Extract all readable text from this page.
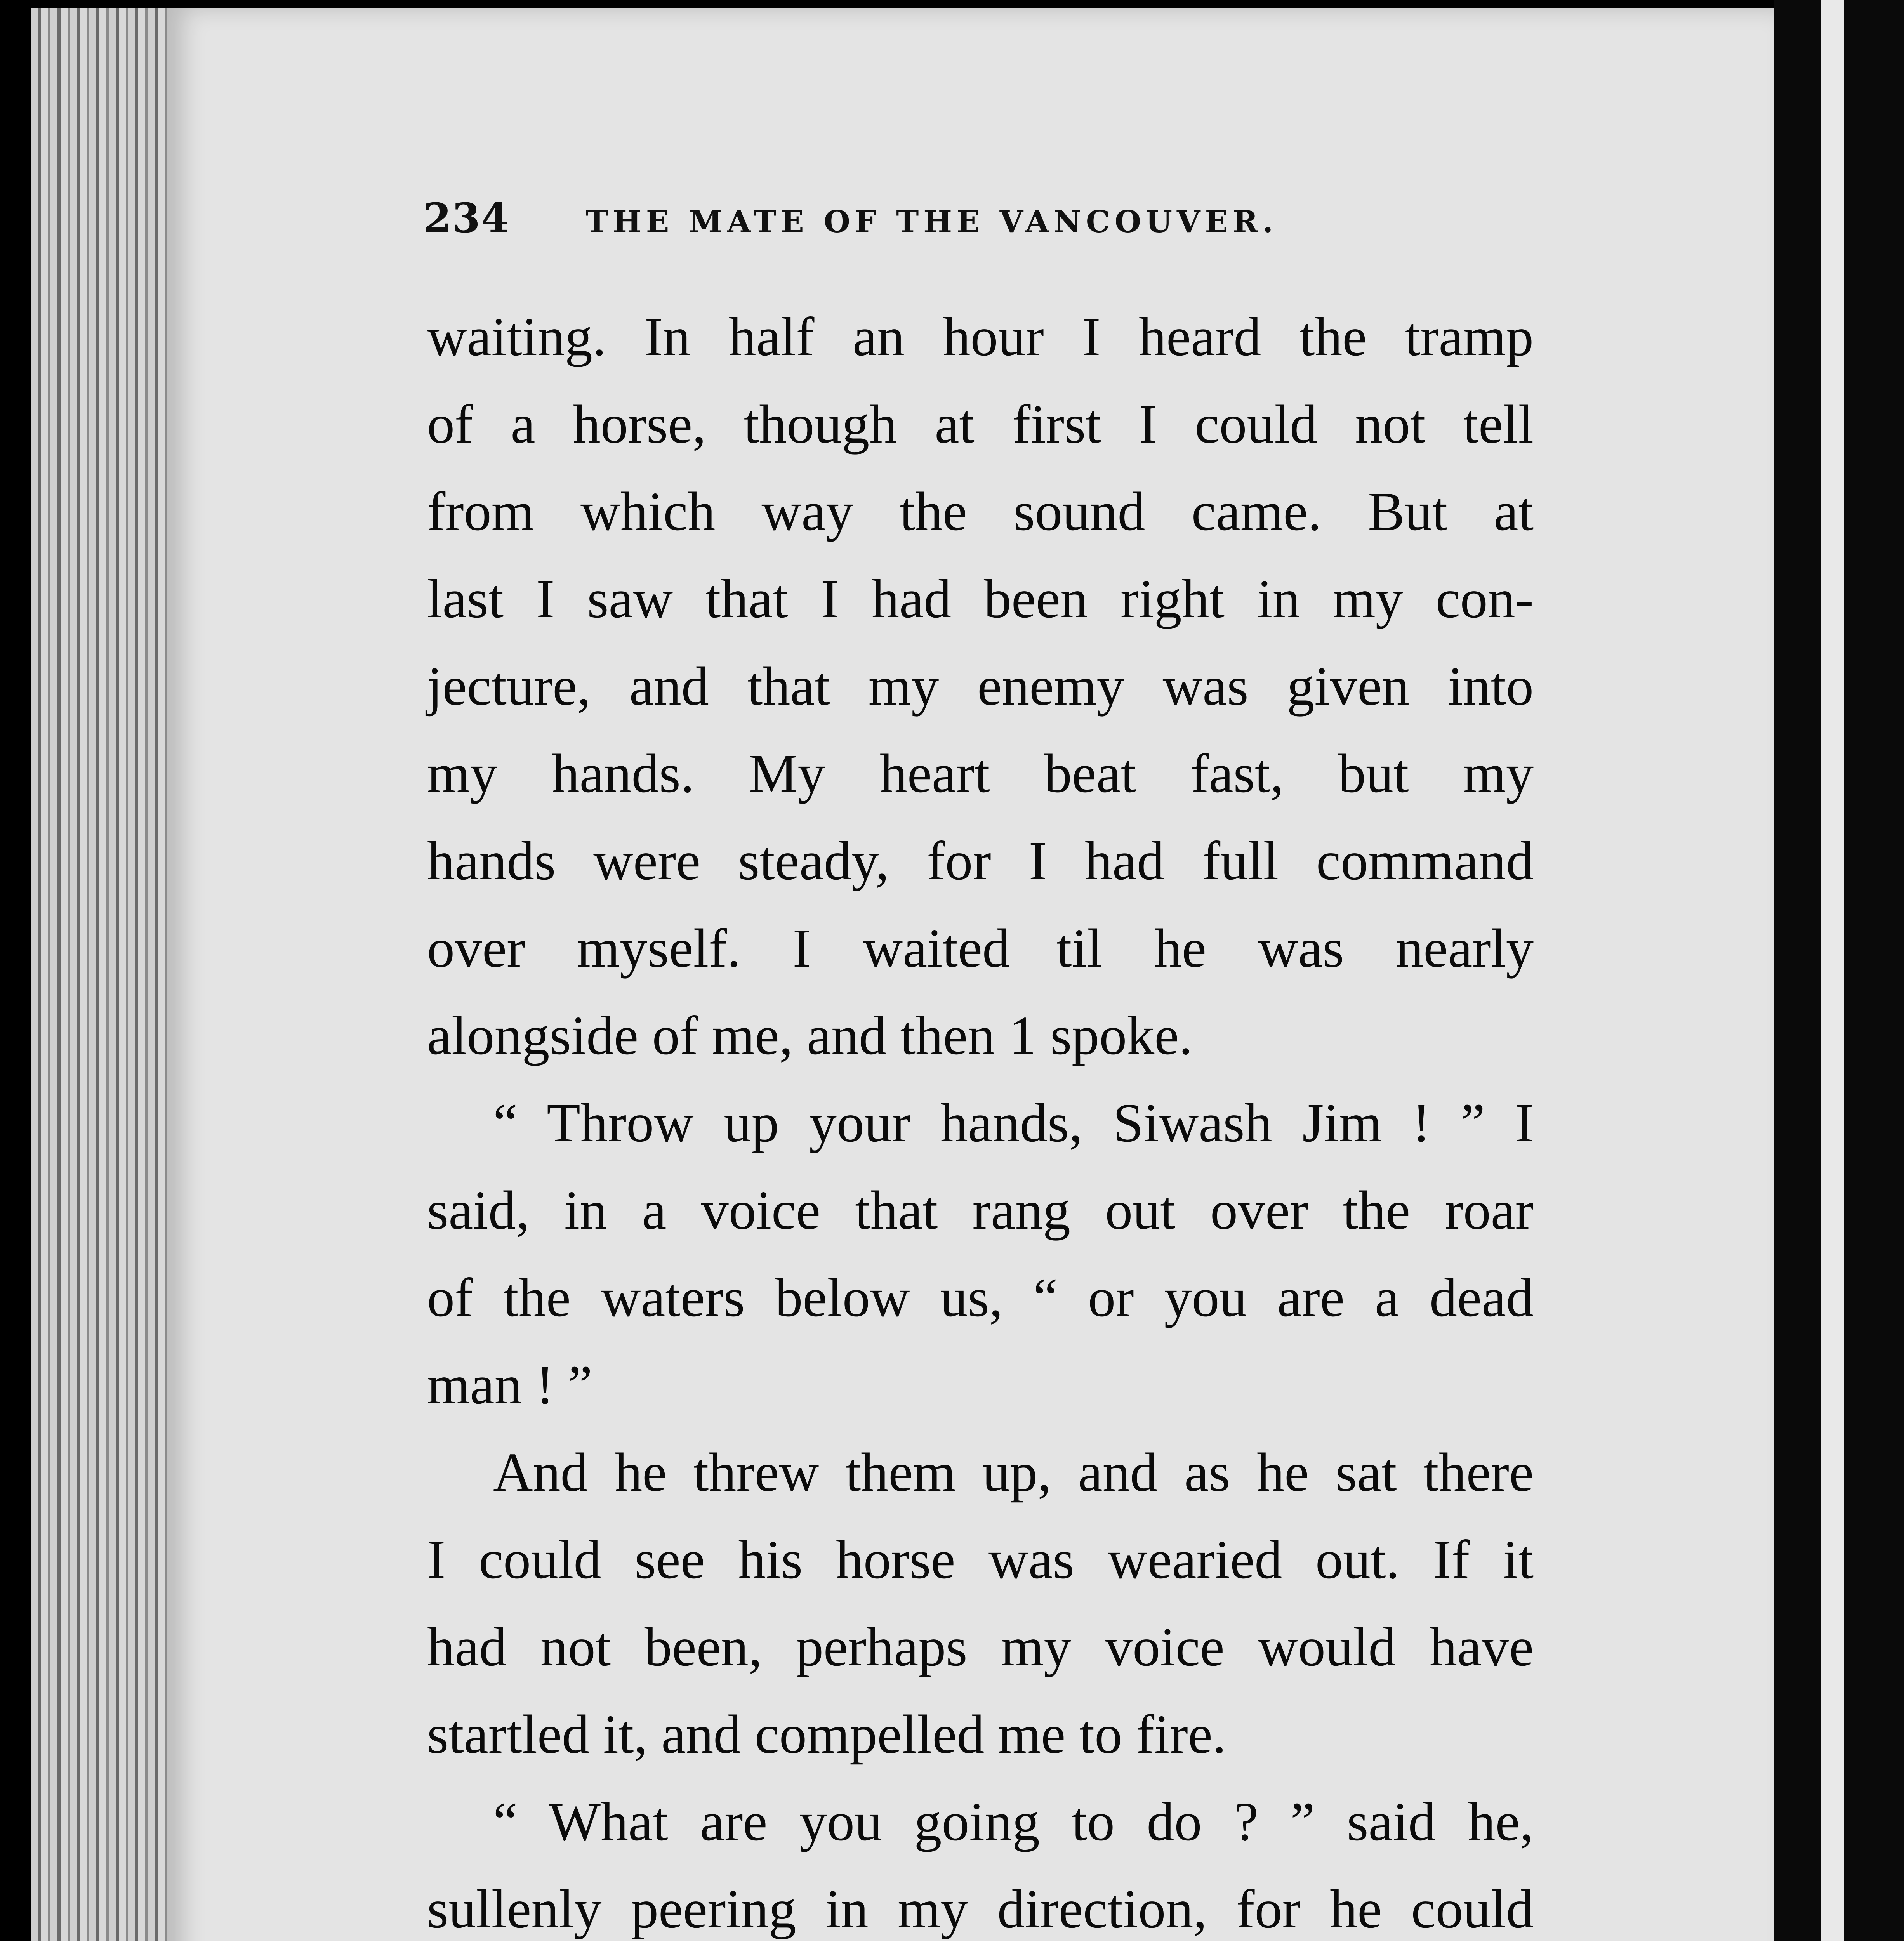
234	THE MATE OF THE VANCOUVER.
waiting. In half an hour I heard the tramp
of a horse, though at first I could not tell
from which way the sound came. But at
last I saw that I had been right in my con-
jecture, and that my enemy was given into
my hands. My heart beat fast, but my
hands were steady, for I had full command
over myself. I waited til he was nearly
alongside of me, and then 1 spoke.
“ Throw up your hands, Siwash Jim ! ” I
said, in a voice that rang out over the roar
of the waters below us, “ or you are a dead
man ! ”
And he threw them up, and as he sat there
I could see his horse was wearied out. If it
had not been, perhaps my voice would have
startled it, and compelled me to fire.
“ What are you going to do ? ” said he,
sullenly peering in my direction, for he could
